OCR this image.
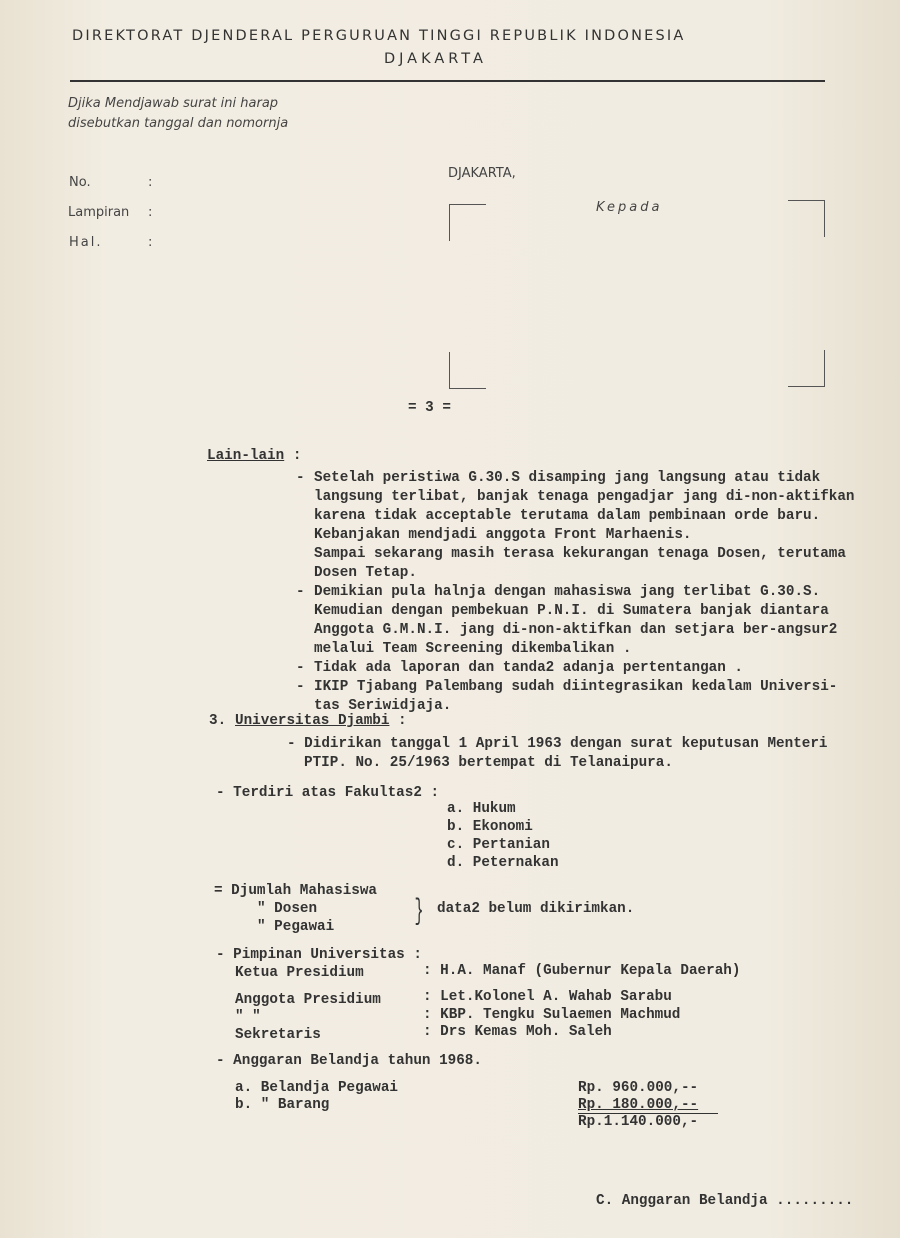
DIREKTORAT DJENDERAL PERGURUAN TINGGI REPUBLIK INDONESIA
DJAKARTA
Djika Mendjawab surat ini harap
disebutkan tanggal dan nomornja
No.	:
Lampiran :
Hal.	:
DJAKARTA,
Kepada
= 3 =
Lain-lain :
- Setelah peristiwa G.30.S disamping jang langsung atau tidak
langsung terlibat, banjak tenaga pengadjar jang di-non-aktifkan
karena tidak acceptable terutama dalam pembinaan orde baru.
Kebanjakan mendjadi anggota Front Marhaenis.
Sampai sekarang masih terasa kekurangan tenaga Dosen, terutama
Dosen Tetap.
- Demikian pula halnja dengan mahasiswa jang terlibat G.30.S.
Kemudian dengan pembekuan P.N.I. di Sumatera banjak diantara
Anggota G.M.N.I. jang di-non-aktifkan dan setjara ber-angsur2
melalui Team Screening dikembalikan .
- Tidak ada laporan dan tanda2 adanja pertentangan .
- IKIP Tjabang Palembang sudah diintegrasikan kedalam Universi-
tas Seriwidjaja.
3. Universitas Djambi :
- Didirikan tanggal 1 April 1963 dengan surat keputusan Menteri
PTIP. No. 25/1963 bertempat di Telanaipura.
- Terdiri atas Fakultas2 :
a. Hukum
b. Ekonomi
c. Pertanian
d. Peternakan
= Djumlah Mahasiswa
" Dosen
" Pegawai	} data2 belum dikirimkan.
- Pimpinan Universitas :
Ketua Presidium	: H.A. Manaf (Gubernur Kepala Daerah)
Anggota Presidium	: Let.Kolonel A. Wahab Sarabu
" "	: KBP. Tengku Sulaemen Machmud
Sekretaris	: Drs Kemas Moh. Saleh
- Anggaran Belandja tahun 1968.
a. Belandja Pegawai	Rp. 960.000,--
b. " Barang	Rp. 180.000,--
Rp.1.140.000,-
C. Anggaran Belandja .........
